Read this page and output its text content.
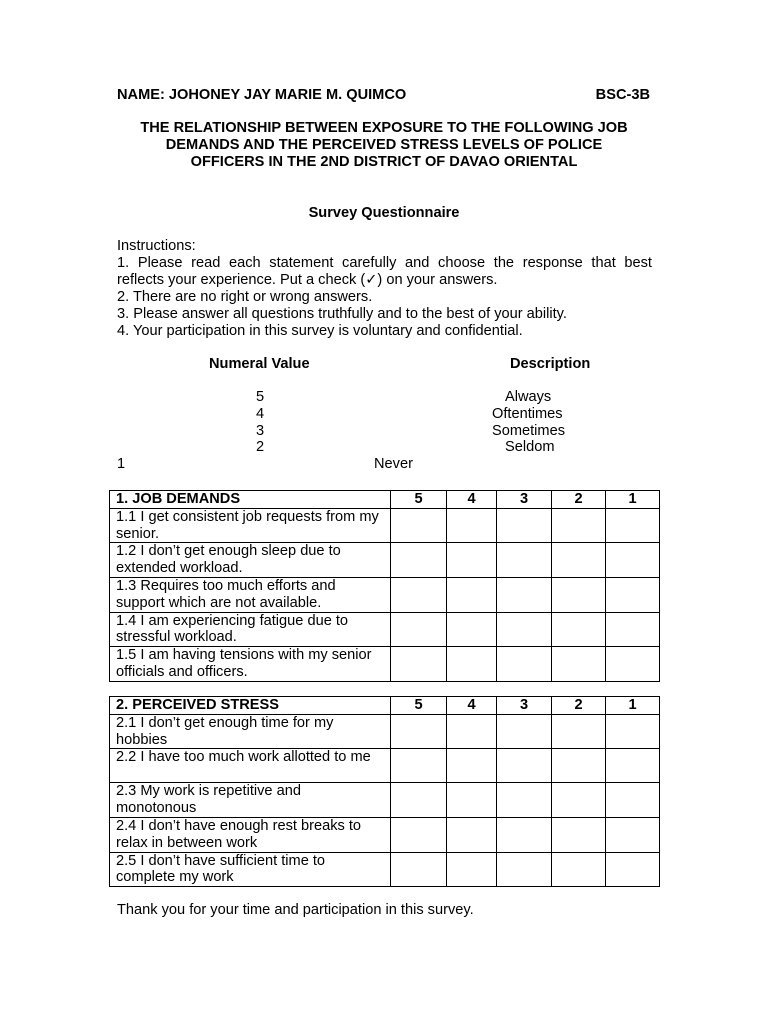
NAME: JOHONEY JAY MARIE M. QUIMCO	BSC-3B
THE RELATIONSHIP BETWEEN EXPOSURE TO THE FOLLOWING JOB
DEMANDS AND THE PERCEIVED STRESS LEVELS OF POLICE
OFFICERS IN THE 2ND DISTRICT OF DAVAO ORIENTAL
Survey Questionnaire
Instructions:
1. Please read each statement carefully and choose the response that best reflects your experience. Put a check (✓) on your answers.
2. There are no right or wrong answers.
3. Please answer all questions truthfully and to the best of your ability.
4. Your participation in this survey is voluntary and confidential.
Numeral Value	Description
5	Always
4	Oftentimes
3	Sometimes
2	Seldom
1	Never
1. JOB DEMANDS	5	4	3	2	1
1.1 I get consistent job requests from my senior.					
1.2 I don’t get enough sleep due to extended workload.					
1.3 Requires too much efforts and support which are not available.					
1.4 I am experiencing fatigue due to stressful workload.					
1.5 I am having tensions with my senior officials and officers.					
2. PERCEIVED STRESS	5	4	3	2	1
2.1 I don’t get enough time for my hobbies					
2.2 I have too much work allotted to me					
2.3 My work is repetitive and monotonous					
2.4 I don’t have enough rest breaks to relax in between work					
2.5 I don’t have sufficient time to complete my work					
Thank you for your time and participation in this survey.
